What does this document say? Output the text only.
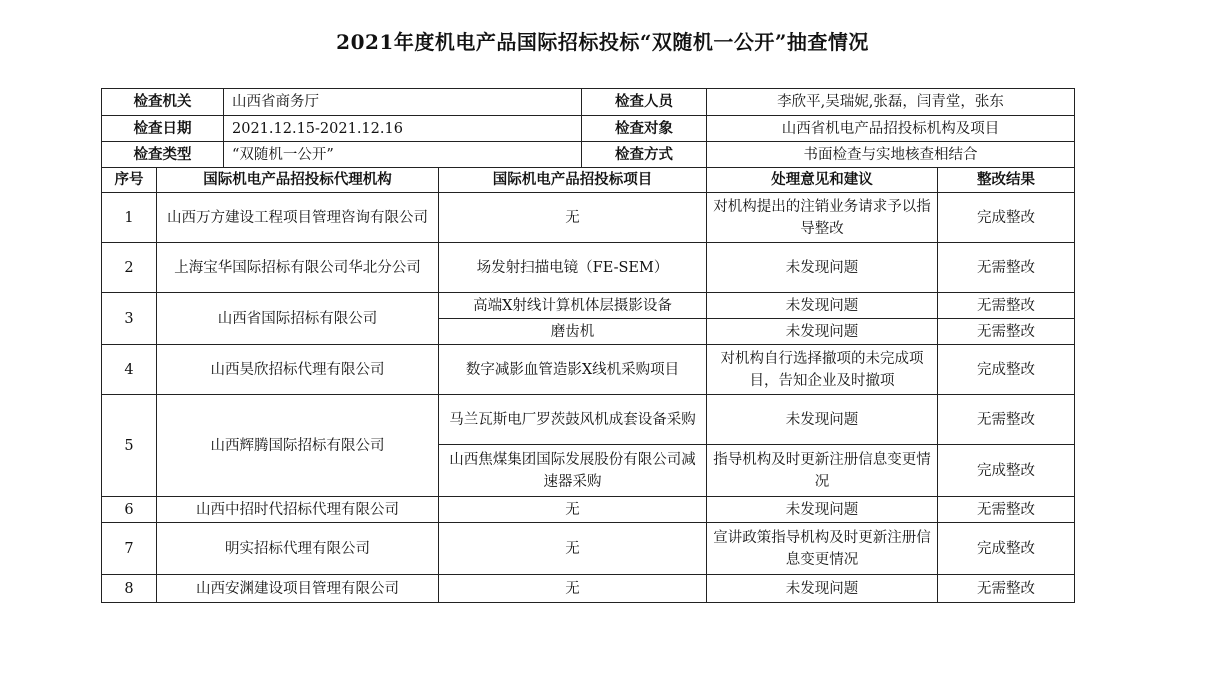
2021年度机电产品国际招标投标“双随机一公开”抽查情况
检查机关		山西省商务厅		检查人员	李欣平,吴瑞妮,张磊，闫青堂，张东	
检查日期		2021.12.15-2021.12.16		检查对象	山西省机电产品招投标机构及项目	
检查类型		“双随机一公开”		检查方式	书面检查与实地核查相结合	
序号	国际机电产品招投标代理机构		国际机电产品招投标项目		处理意见和建议	整改结果
1	山西万方建设工程项目管理咨询有限公司		无		对机构提出的注销业务请求予以指导整改	完成整改
2	上海宝华国际招标有限公司华北分公司		场发射扫描电镜（FE-SEM）		未发现问题	无需整改
3	山西省国际招标有限公司		高端X射线计算机体层摄影设备		未发现问题	无需整改
			磨齿机		未发现问题	无需整改
4	山西昊欣招标代理有限公司		数字减影血管造影X线机采购项目		对机构自行选择撤项的未完成项目，告知企业及时撤项	完成整改
5	山西辉腾国际招标有限公司		马兰瓦斯电厂罗茨鼓风机成套设备采购		未发现问题	无需整改
			山西焦煤集团国际发展股份有限公司减速器采购		指导机构及时更新注册信息变更情况	完成整改
6	山西中招时代招标代理有限公司		无		未发现问题	无需整改
7	明实招标代理有限公司		无		宣讲政策指导机构及时更新注册信息变更情况	完成整改
8	山西安渊建设项目管理有限公司		无		未发现问题	无需整改
